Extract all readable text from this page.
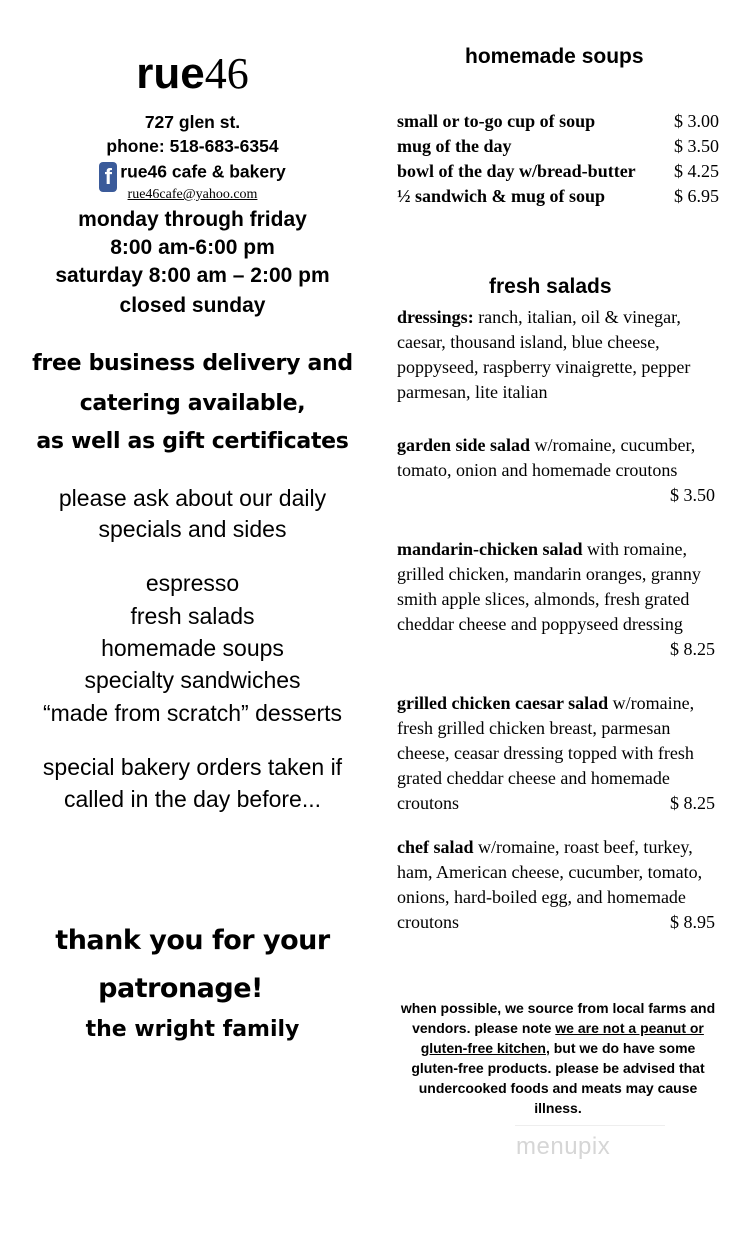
rue46
727 glen st.
phone: 518-683-6354
f rue46 cafe & bakery
rue46cafe@yahoo.com
monday through friday
8:00 am-6:00 pm
saturday 8:00 am – 2:00 pm
closed sunday
free business delivery and
catering available,
as well as gift certificates
please ask about our daily
specials and sides
espresso
fresh salads
homemade soups
specialty sandwiches
“made from scratch” desserts
special bakery orders taken if
called in the day before...
thank you for your
patronage!
the wright family
homemade soups
small or to-go cup of soup	$ 3.00
mug of the day	$ 3.50
bowl of the day w/bread-butter $ 4.25
½ sandwich & mug of soup	$ 6.95
fresh salads
dressings: ranch, italian, oil & vinegar, caesar, thousand island, blue cheese, poppyseed, raspberry vinaigrette, pepper parmesan, lite italian
garden side salad w/romaine, cucumber, tomato, onion and homemade croutons
$ 3.50
mandarin-chicken salad with romaine, grilled chicken, mandarin oranges, granny smith apple slices, almonds, fresh grated cheddar cheese and poppyseed dressing
$ 8.25
grilled chicken caesar salad w/romaine, fresh grilled chicken breast, parmesan cheese, ceasar dressing topped with fresh grated cheddar cheese and homemade croutons	$ 8.25
chef salad w/romaine, roast beef, turkey, ham, American cheese, cucumber, tomato, onions, hard-boiled egg, and homemade croutons	$ 8.95
when possible, we source from local farms and vendors. please note we are not a peanut or gluten-free kitchen, but we do have some gluten-free products. please be advised that undercooked foods and meats may cause illness.
menupix
